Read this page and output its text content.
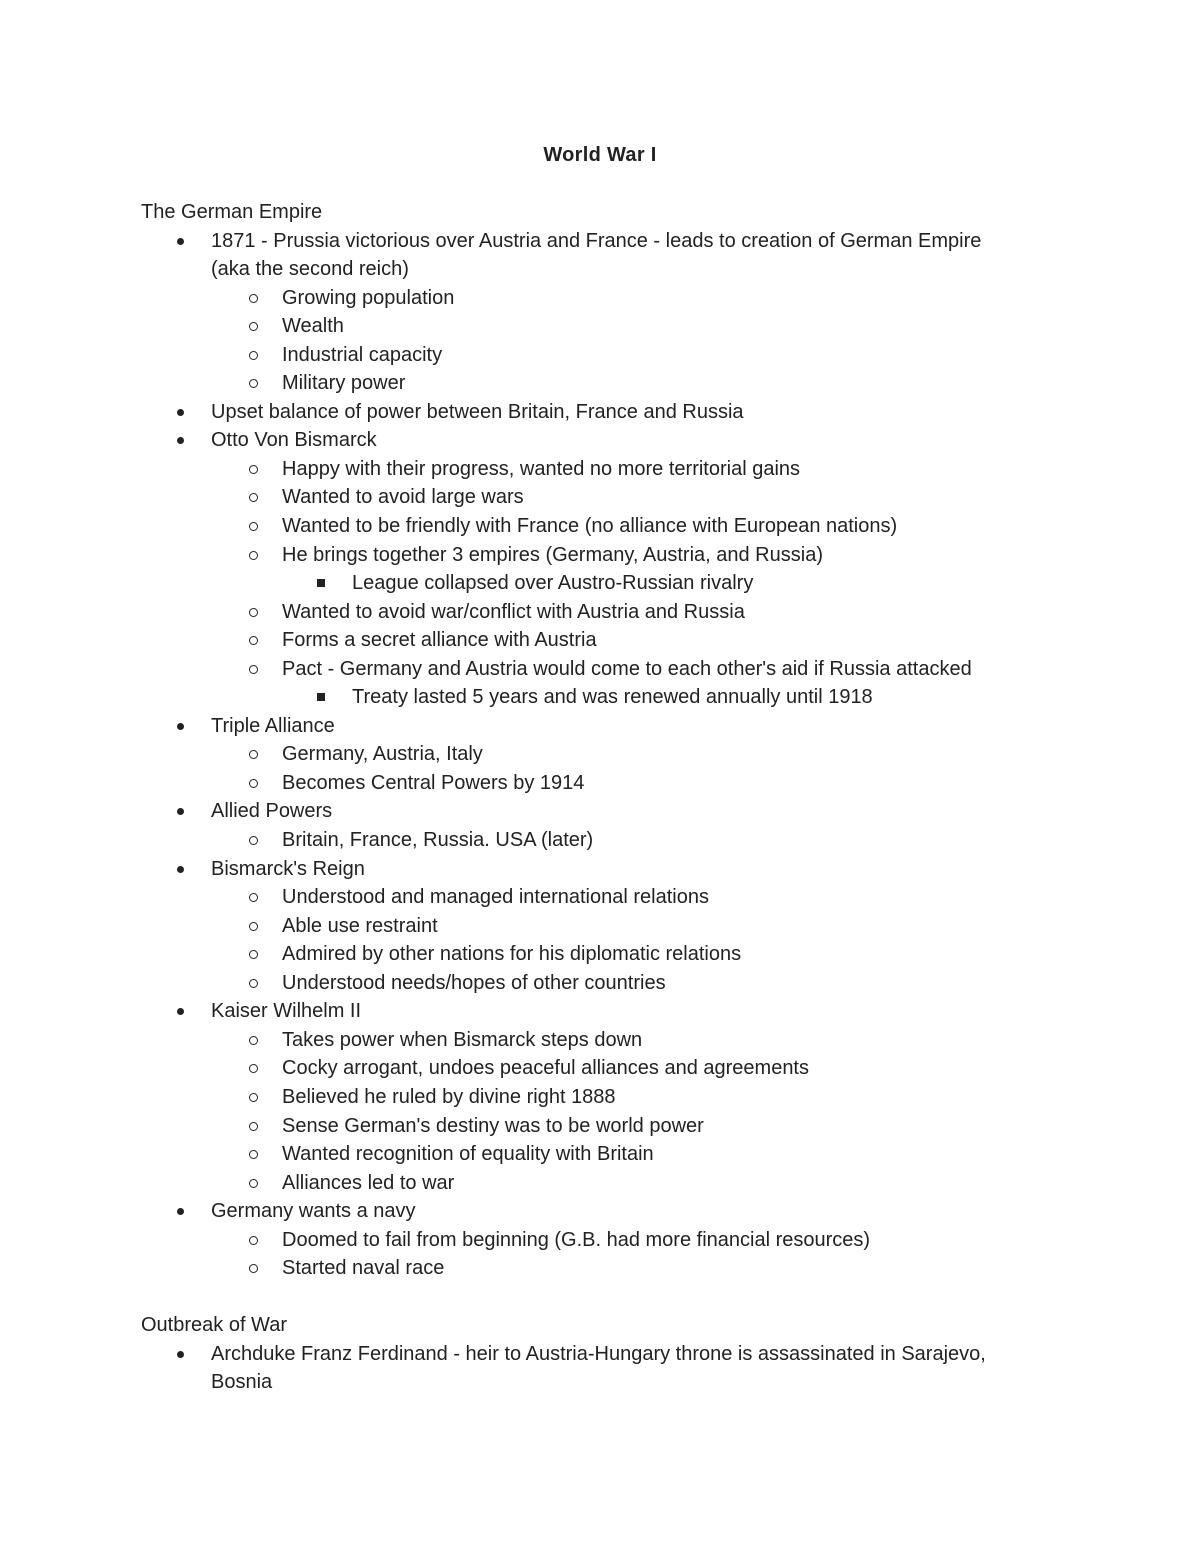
World War I
The German Empire
1871 - Prussia victorious over Austria and France - leads to creation of German Empire
(aka the second reich)
Growing population
Wealth
Industrial capacity
Military power
Upset balance of power between Britain, France and Russia
Otto Von Bismarck
Happy with their progress, wanted no more territorial gains
Wanted to avoid large wars
Wanted to be friendly with France (no alliance with European nations)
He brings together 3 empires (Germany, Austria, and Russia)
League collapsed over Austro-Russian rivalry
Wanted to avoid war/conflict with Austria and Russia
Forms a secret alliance with Austria
Pact - Germany and Austria would come to each other's aid if Russia attacked
Treaty lasted 5 years and was renewed annually until 1918
Triple Alliance
Germany, Austria, Italy
Becomes Central Powers by 1914
Allied Powers
Britain, France, Russia. USA (later)
Bismarck's Reign
Understood and managed international relations
Able use restraint
Admired by other nations for his diplomatic relations
Understood needs/hopes of other countries
Kaiser Wilhelm II
Takes power when Bismarck steps down
Cocky arrogant, undoes peaceful alliances and agreements
Believed he ruled by divine right 1888
Sense German's destiny was to be world power
Wanted recognition of equality with Britain
Alliances led to war
Germany wants a navy
Doomed to fail from beginning (G.B. had more financial resources)
Started naval race
Outbreak of War
Archduke Franz Ferdinand - heir to Austria-Hungary throne is assassinated in Sarajevo,
Bosnia
